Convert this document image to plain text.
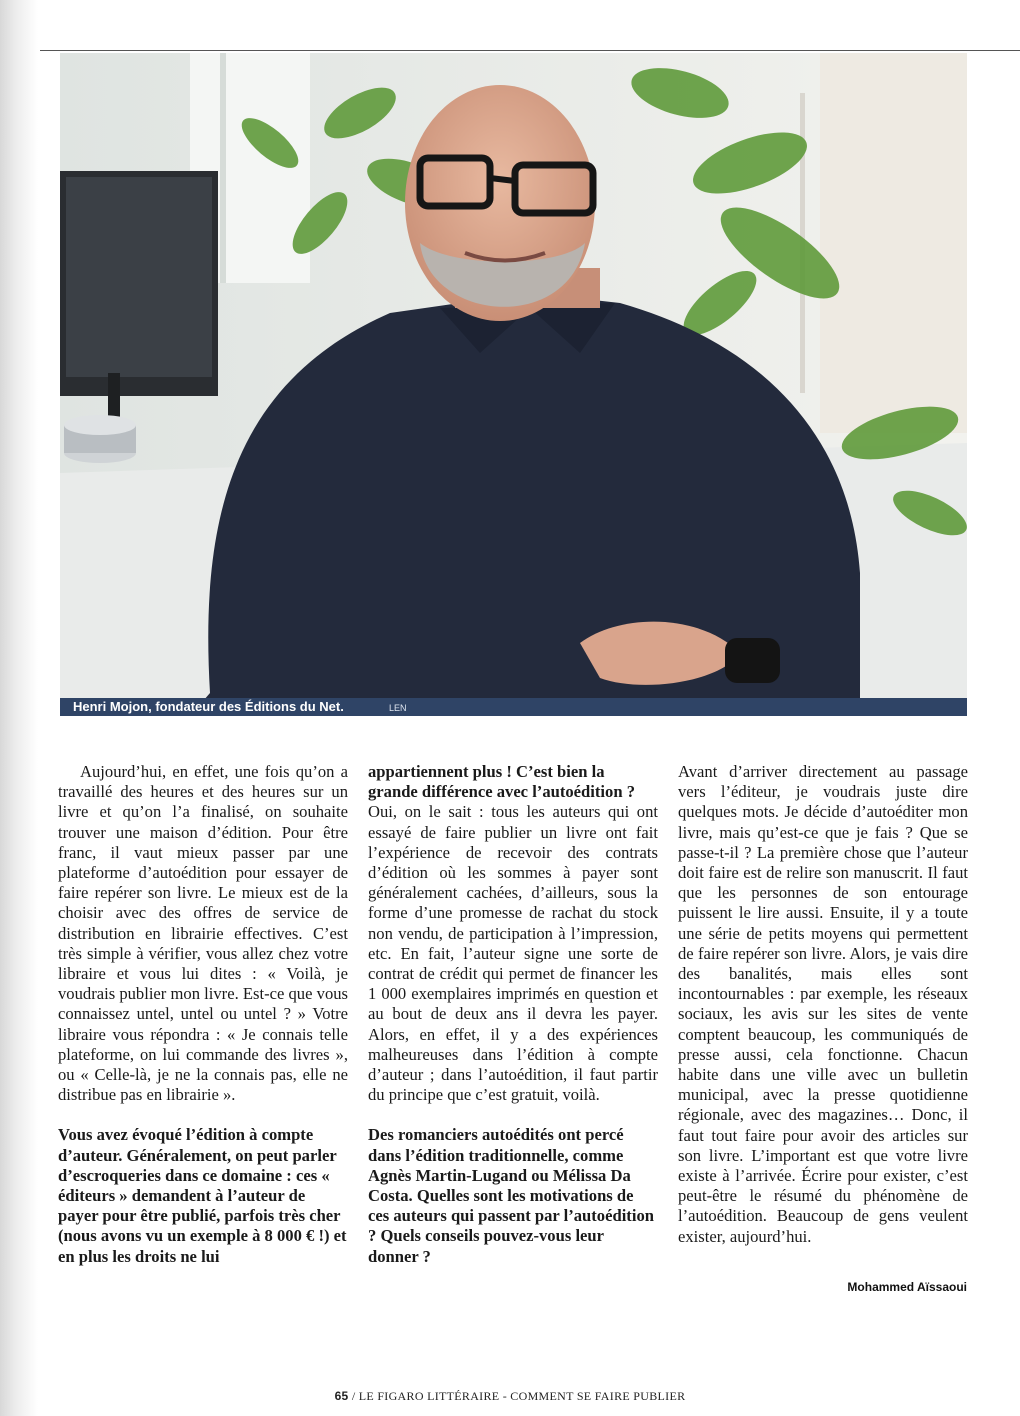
Henri Mojon, fondateur des Éditions du Net.	LEN

Aujourd’hui, en effet, une fois qu’on a travaillé des heures et des heures sur un livre et qu’on l’a finalisé, on souhaite trouver une maison d’édition. Pour être franc, il vaut mieux passer par une plateforme d’autoédition pour essayer de faire repérer son livre. Le mieux est de la choisir avec des offres de service de distribution en librairie effectives. C’est très simple à vérifier, vous allez chez votre libraire et vous lui dites : « Voilà, je voudrais publier mon livre. Est-ce que vous connaissez untel, untel ou untel ? » Votre libraire vous répondra : « Je connais telle plateforme, on lui commande des livres », ou « Celle-là, je ne la connais pas, elle ne distribue pas en librairie ».

Vous avez évoqué l’édition à compte d’auteur. Généralement, on peut parler d’escroqueries dans ce domaine : ces « éditeurs » demandent à l’auteur de payer pour être publié, parfois très cher (nous avons vu un exemple à 8 000 € !) et en plus les droits ne lui

appartiennent plus ! C’est bien la grande différence avec l’autoédition ?

Oui, on le sait : tous les auteurs qui ont essayé de faire publier un livre ont fait l’expérience de recevoir des contrats d’édition où les sommes à payer sont généralement cachées, d’ailleurs, sous la forme d’une promesse de rachat du stock non vendu, de participation à l’impression, etc. En fait, l’auteur signe une sorte de contrat de crédit qui permet de financer les 1 000 exemplaires imprimés en question et au bout de deux ans il devra les payer. Alors, en effet, il y a des expériences malheureuses dans l’édition à compte d’auteur ; dans l’autoédition, il faut partir du principe que c’est gratuit, voilà.

Des romanciers autoédités ont percé dans l’édition traditionnelle, comme Agnès Martin-Lugand ou Mélissa Da Costa. Quelles sont les motivations de ces auteurs qui passent par l’autoédition ? Quels conseils pouvez-vous leur donner ?

Avant d’arriver directement au passage vers l’éditeur, je voudrais juste dire quelques mots. Je décide d’autoéditer mon livre, mais qu’est-ce que je fais ? Que se passe-t-il ? La première chose que l’auteur doit faire est de relire son manuscrit. Il faut que les personnes de son entourage puissent le lire aussi. Ensuite, il y a toute une série de petits moyens qui permettent de faire repérer son livre. Alors, je vais dire des banalités, mais elles sont incontournables : par exemple, les réseaux sociaux, les avis sur les sites de vente comptent beaucoup, les communiqués de presse aussi, cela fonctionne. Chacun habite dans une ville avec un bulletin municipal, avec la presse quotidienne régionale, avec des magazines… Donc, il faut tout faire pour avoir des articles sur son livre. L’important est que votre livre existe à l’arrivée. Écrire pour exister, c’est peut-être le résumé du phénomène de l’autoédition. Beaucoup de gens veulent exister, aujourd’hui.

Mohammed Aïssaoui
65 / LE FIGARO LITTÉRAIRE - COMMENT SE FAIRE PUBLIER
